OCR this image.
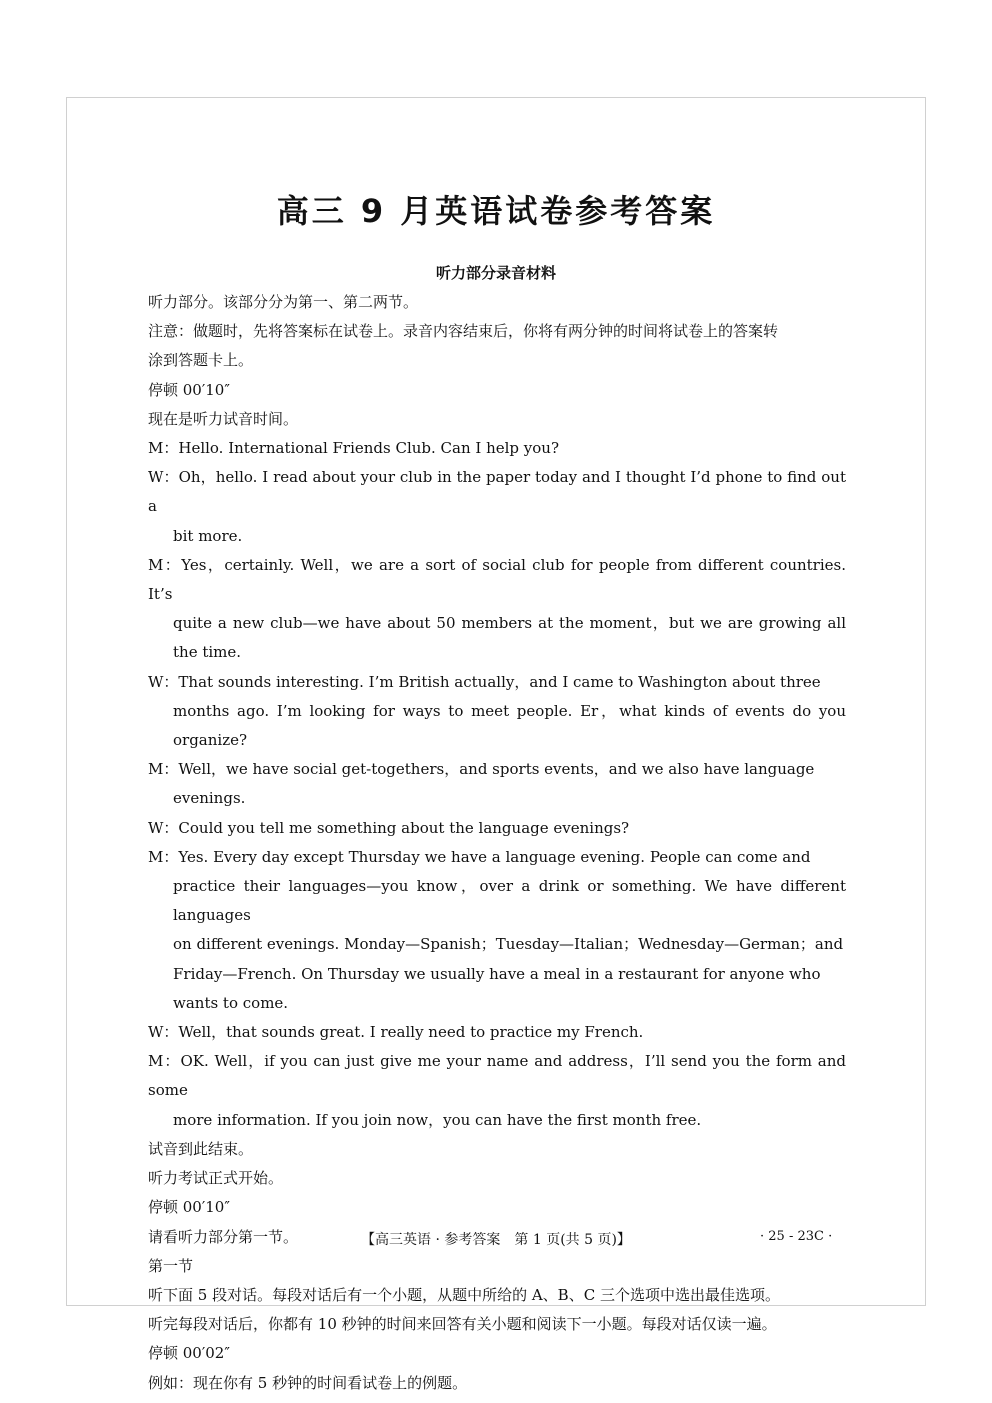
高三 9 月英语试卷参考答案
听力部分录音材料

听力部分。该部分分为第一、第二两节。

注意：做题时，先将答案标在试卷上。录音内容结束后，你将有两分钟的时间将试卷上的答案转

涂到答题卡上。

停顿 00′10″

现在是听力试音时间。

M：Hello. International Friends Club. Can I help you?

W：Oh，hello. I read about your club in the paper today and I thought I’d phone to find out a
bit more.

M：Yes，certainly. Well，we are a sort of social club for people from different countries. It’s
quite a new club—we have about 50 members at the moment，but we are growing all the time.

W：That sounds interesting. I’m British actually，and I came to Washington about three
months ago. I’m looking for ways to meet people. Er，what kinds of events do you organize?

M：Well，we have social get-togethers，and sports events，and we also have language
evenings.

W：Could you tell me something about the language evenings?

M：Yes. Every day except Thursday we have a language evening. People can come and
practice their languages—you know，over a drink or something. We have different languages
on different evenings. Monday—Spanish；Tuesday—Italian；Wednesday—German；and
Friday—French. On Thursday we usually have a meal in a restaurant for anyone who
wants to come.

W：Well，that sounds great. I really need to practice my French.

M：OK. Well，if you can just give me your name and address，I’ll send you the form and some
more information. If you join now，you can have the first month free.

试音到此结束。

听力考试正式开始。

停顿 00′10″

请看听力部分第一节。

第一节

听下面 5 段对话。每段对话后有一个小题，从题中所给的 A、B、C 三个选项中选出最佳选项。

听完每段对话后，你都有 10 秒钟的时间来回答有关小题和阅读下一小题。每段对话仅读一遍。

停顿 00′02″

例如：现在你有 5 秒钟的时间看试卷上的例题。

【高三英语 · 参考答案　第 1 页(共 5 页)】	· 25 - 23C ·
